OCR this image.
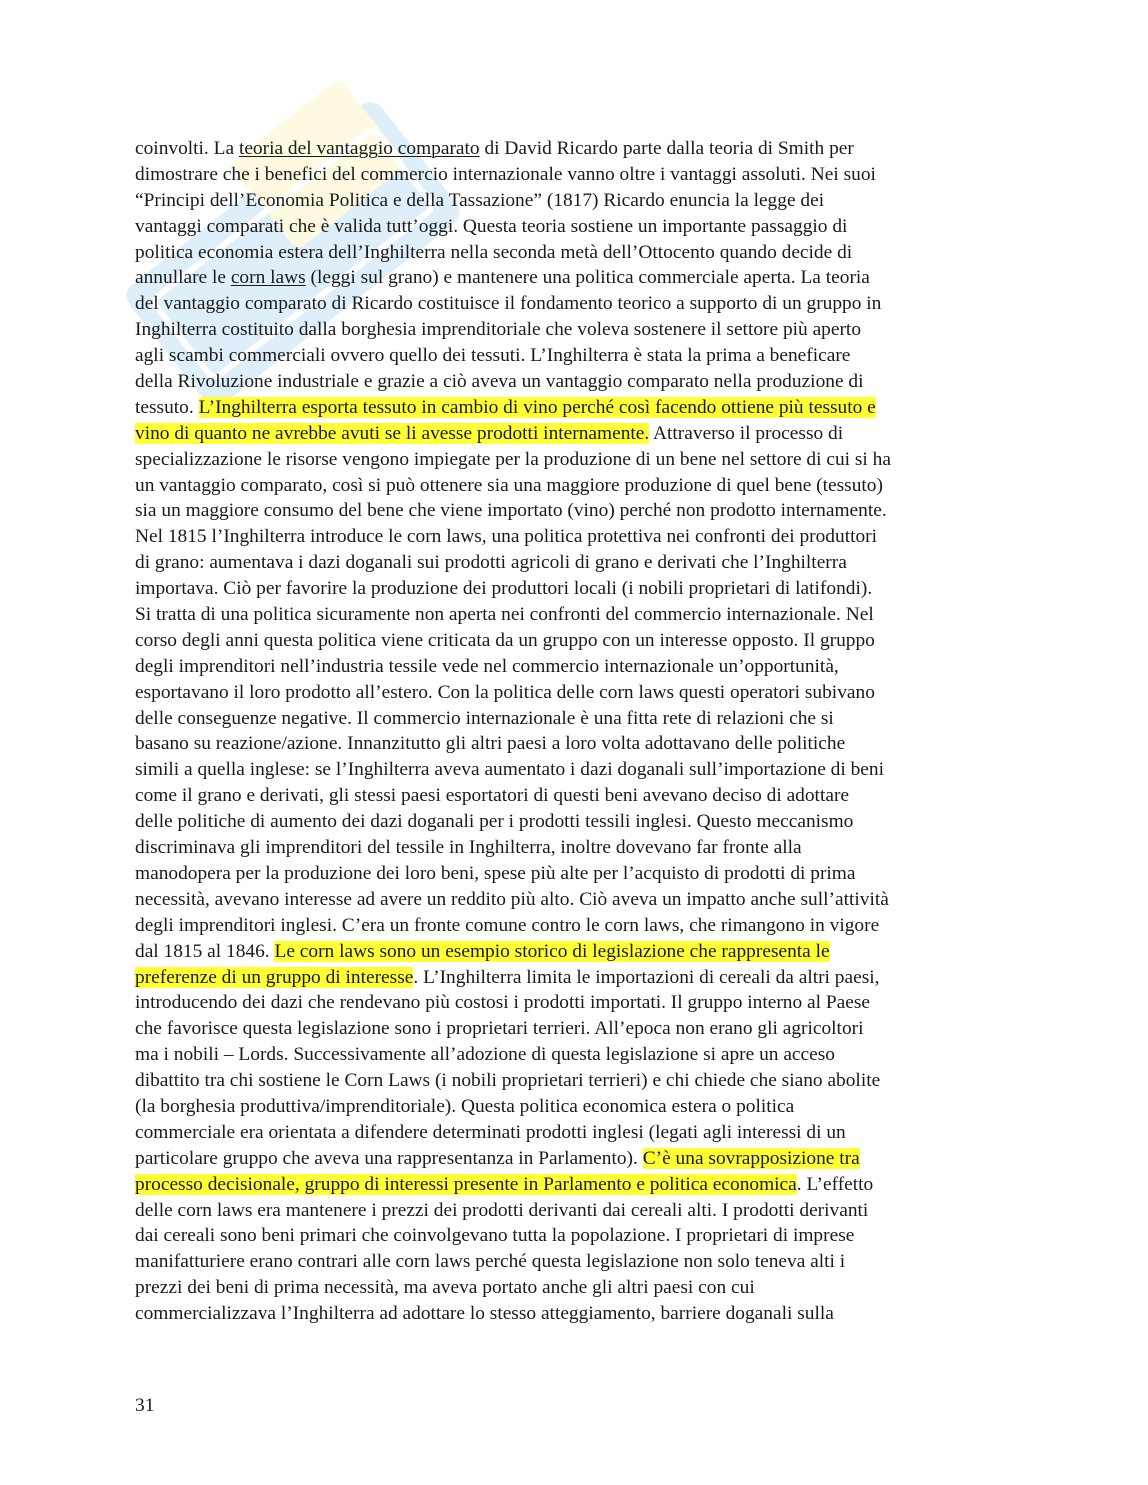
coinvolti. La teoria del vantaggio comparato di David Ricardo parte dalla teoria di Smith per
dimostrare che i benefici del commercio internazionale vanno oltre i vantaggi assoluti. Nei suoi
“Principi dell’Economia Politica e della Tassazione” (1817) Ricardo enuncia la legge dei
vantaggi comparati che è valida tutt’oggi. Questa teoria sostiene un importante passaggio di
politica economia estera dell’Inghilterra nella seconda metà dell’Ottocento quando decide di
annullare le corn laws (leggi sul grano) e mantenere una politica commerciale aperta. La teoria
del vantaggio comparato di Ricardo costituisce il fondamento teorico a supporto di un gruppo in
Inghilterra costituito dalla borghesia imprenditoriale che voleva sostenere il settore più aperto
agli scambi commerciali ovvero quello dei tessuti. L’Inghilterra è stata la prima a beneficare
della Rivoluzione industriale e grazie a ciò aveva un vantaggio comparato nella produzione di
tessuto. L’Inghilterra esporta tessuto in cambio di vino perché così facendo ottiene più tessuto e
vino di quanto ne avrebbe avuti se li avesse prodotti internamente. Attraverso il processo di
specializzazione le risorse vengono impiegate per la produzione di un bene nel settore di cui si ha
un vantaggio comparato, così si può ottenere sia una maggiore produzione di quel bene (tessuto)
sia un maggiore consumo del bene che viene importato (vino) perché non prodotto internamente.
Nel 1815 l’Inghilterra introduce le corn laws, una politica protettiva nei confronti dei produttori
di grano: aumentava i dazi doganali sui prodotti agricoli di grano e derivati che l’Inghilterra
importava. Ciò per favorire la produzione dei produttori locali (i nobili proprietari di latifondi).
Si tratta di una politica sicuramente non aperta nei confronti del commercio internazionale. Nel
corso degli anni questa politica viene criticata da un gruppo con un interesse opposto. Il gruppo
degli imprenditori nell’industria tessile vede nel commercio internazionale un’opportunità,
esportavano il loro prodotto all’estero. Con la politica delle corn laws questi operatori subivano
delle conseguenze negative. Il commercio internazionale è una fitta rete di relazioni che si
basano su reazione/azione. Innanzitutto gli altri paesi a loro volta adottavano delle politiche
simili a quella inglese: se l’Inghilterra aveva aumentato i dazi doganali sull’importazione di beni
come il grano e derivati, gli stessi paesi esportatori di questi beni avevano deciso di adottare
delle politiche di aumento dei dazi doganali per i prodotti tessili inglesi. Questo meccanismo
discriminava gli imprenditori del tessile in Inghilterra, inoltre dovevano far fronte alla
manodopera per la produzione dei loro beni, spese più alte per l’acquisto di prodotti di prima
necessità, avevano interesse ad avere un reddito più alto. Ciò aveva un impatto anche sull’attività
degli imprenditori inglesi. C’era un fronte comune contro le corn laws, che rimangono in vigore
dal 1815 al 1846. Le corn laws sono un esempio storico di legislazione che rappresenta le
preferenze di un gruppo di interesse. L’Inghilterra limita le importazioni di cereali da altri paesi,
introducendo dei dazi che rendevano più costosi i prodotti importati. Il gruppo interno al Paese
che favorisce questa legislazione sono i proprietari terrieri. All’epoca non erano gli agricoltori
ma i nobili – Lords. Successivamente all’adozione di questa legislazione si apre un acceso
dibattito tra chi sostiene le Corn Laws (i nobili proprietari terrieri) e chi chiede che siano abolite
(la borghesia produttiva/imprenditoriale). Questa politica economica estera o politica
commerciale era orientata a difendere determinati prodotti inglesi (legati agli interessi di un
particolare gruppo che aveva una rappresentanza in Parlamento). C’è una sovrapposizione tra
processo decisionale, gruppo di interessi presente in Parlamento e politica economica. L’effetto
delle corn laws era mantenere i prezzi dei prodotti derivanti dai cereali alti. I prodotti derivanti
dai cereali sono beni primari che coinvolgevano tutta la popolazione. I proprietari di imprese
manifatturiere erano contrari alle corn laws perché questa legislazione non solo teneva alti i
prezzi dei beni di prima necessità, ma aveva portato anche gli altri paesi con cui
commercializzava l’Inghilterra ad adottare lo stesso atteggiamento, barriere doganali sulla
31
